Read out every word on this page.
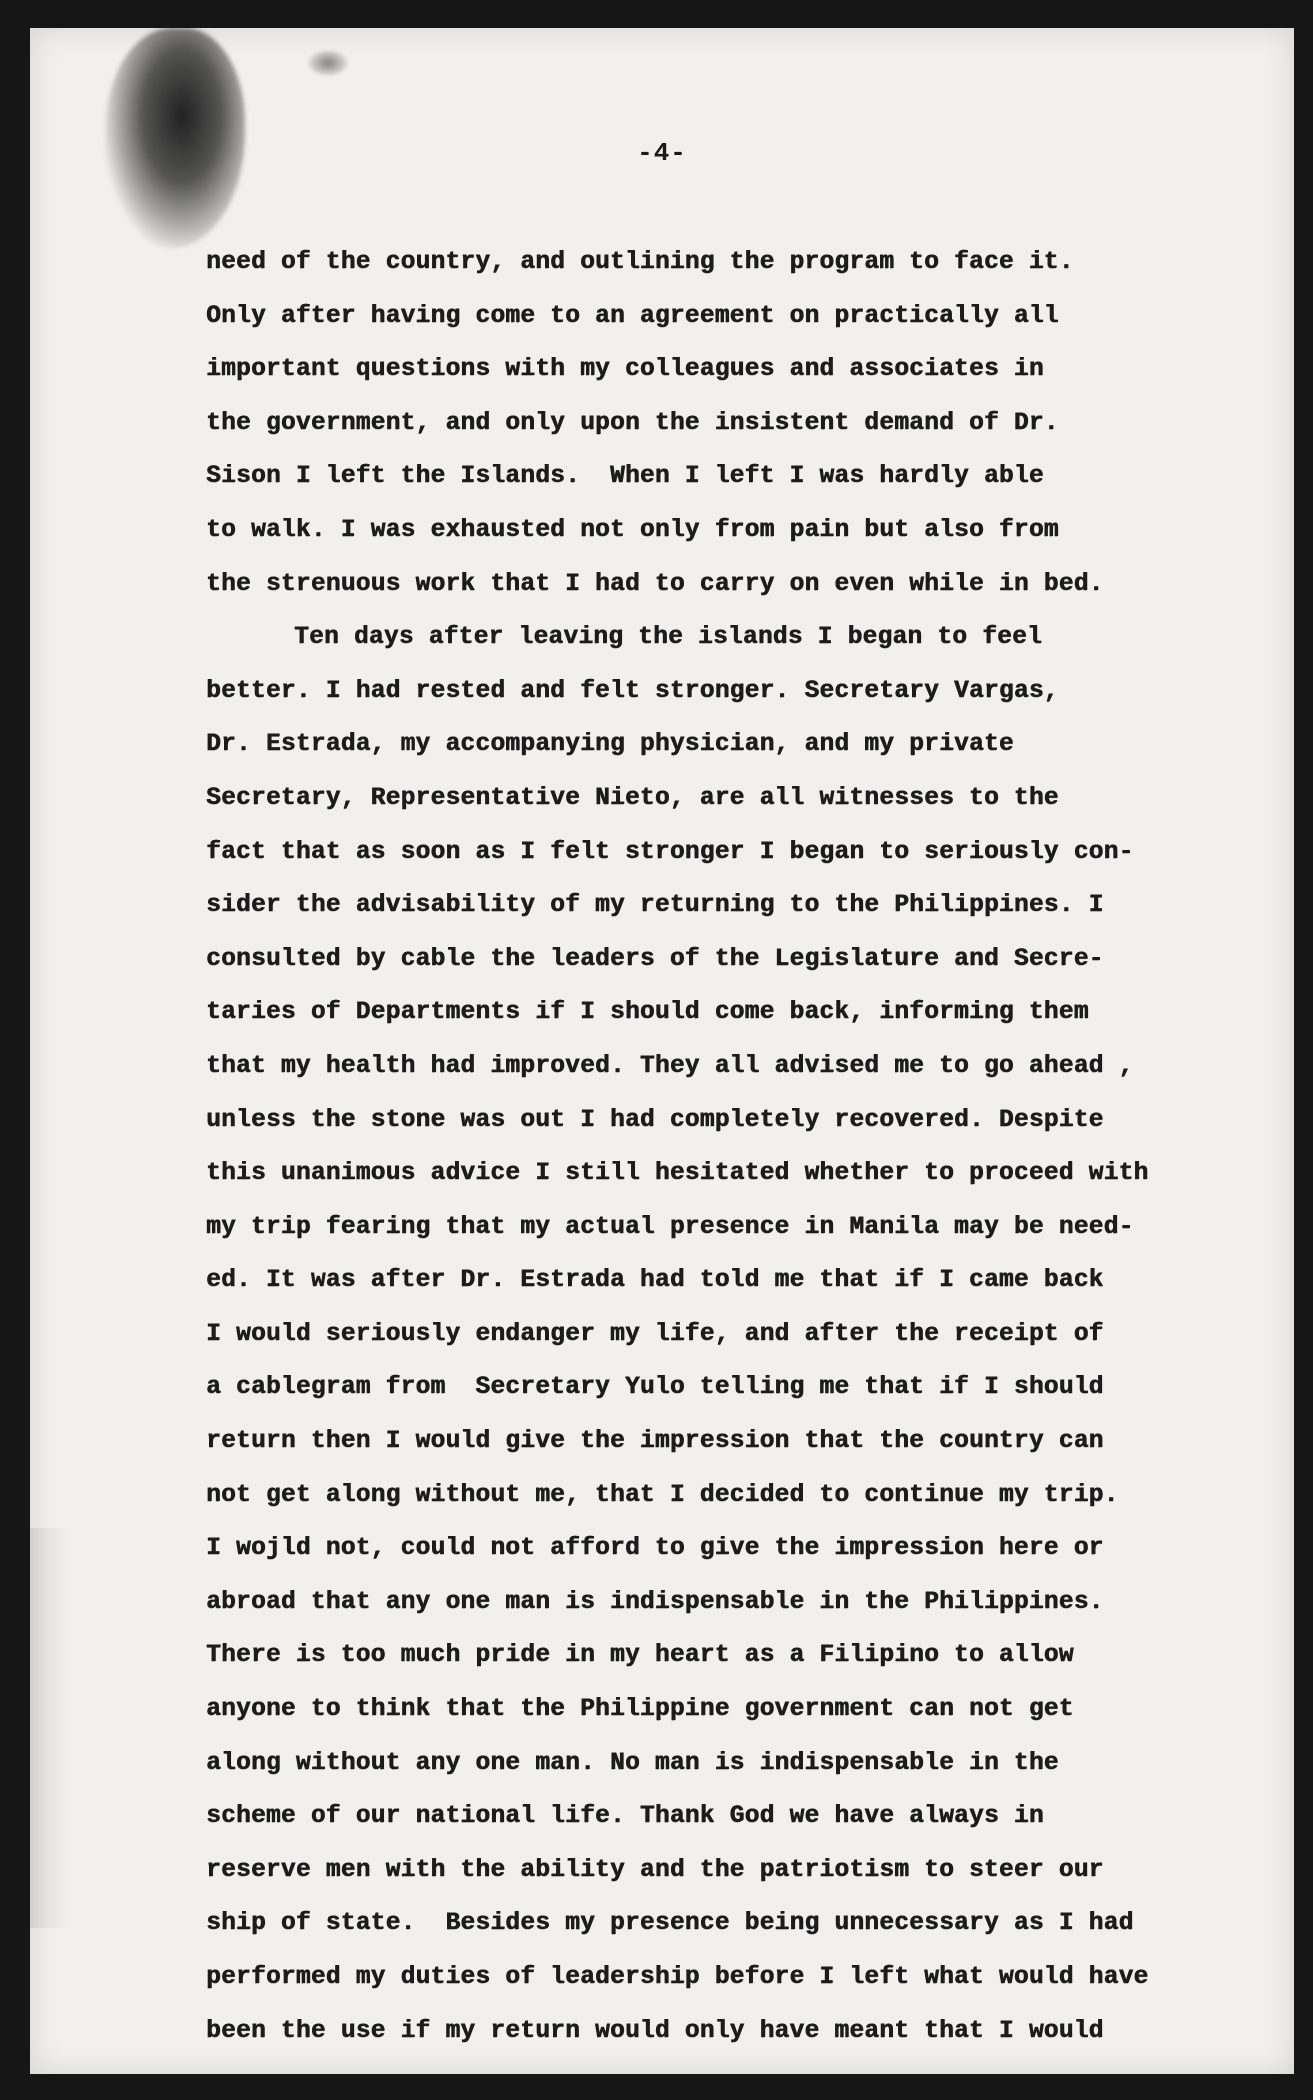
-4-
need of the country, and outlining the program to face it.
Only after having come to an agreement on practically all
important questions with my colleagues and associates in
the government, and only upon the insistent demand of Dr.
Sison I left the Islands.  When I left I was hardly able
to walk. I was exhausted not only from pain but also from
the strenuous work that I had to carry on even while in bed.
Ten days after leaving the islands I began to feel
better. I had rested and felt stronger. Secretary Vargas,
Dr. Estrada, my accompanying physician, and my private
Secretary, Representative Nieto, are all witnesses to the
fact that as soon as I felt stronger I began to seriously con-
sider the advisability of my returning to the Philippines. I
consulted by cable the leaders of the Legislature and Secre-
taries of Departments if I should come back, informing them
that my health had improved. They all advised me to go ahead ,
unless the stone was out I had completely recovered. Despite
this unanimous advice I still hesitated whether to proceed with
my trip fearing that my actual presence in Manila may be need-
ed. It was after Dr. Estrada had told me that if I came back
I would seriously endanger my life, and after the receipt of
a cablegram from  Secretary Yulo telling me that if I should
return then I would give the impression that the country can
not get along without me, that I decided to continue my trip.
I wojld not, could not afford to give the impression here or
abroad that any one man is indispensable in the Philippines.
There is too much pride in my heart as a Filipino to allow
anyone to think that the Philippine government can not get
along without any one man. No man is indispensable in the
scheme of our national life. Thank God we have always in
reserve men with the ability and the patriotism to steer our
ship of state.  Besides my presence being unnecessary as I had
performed my duties of leadership before I left what would have
been the use if my return would only have meant that I would
